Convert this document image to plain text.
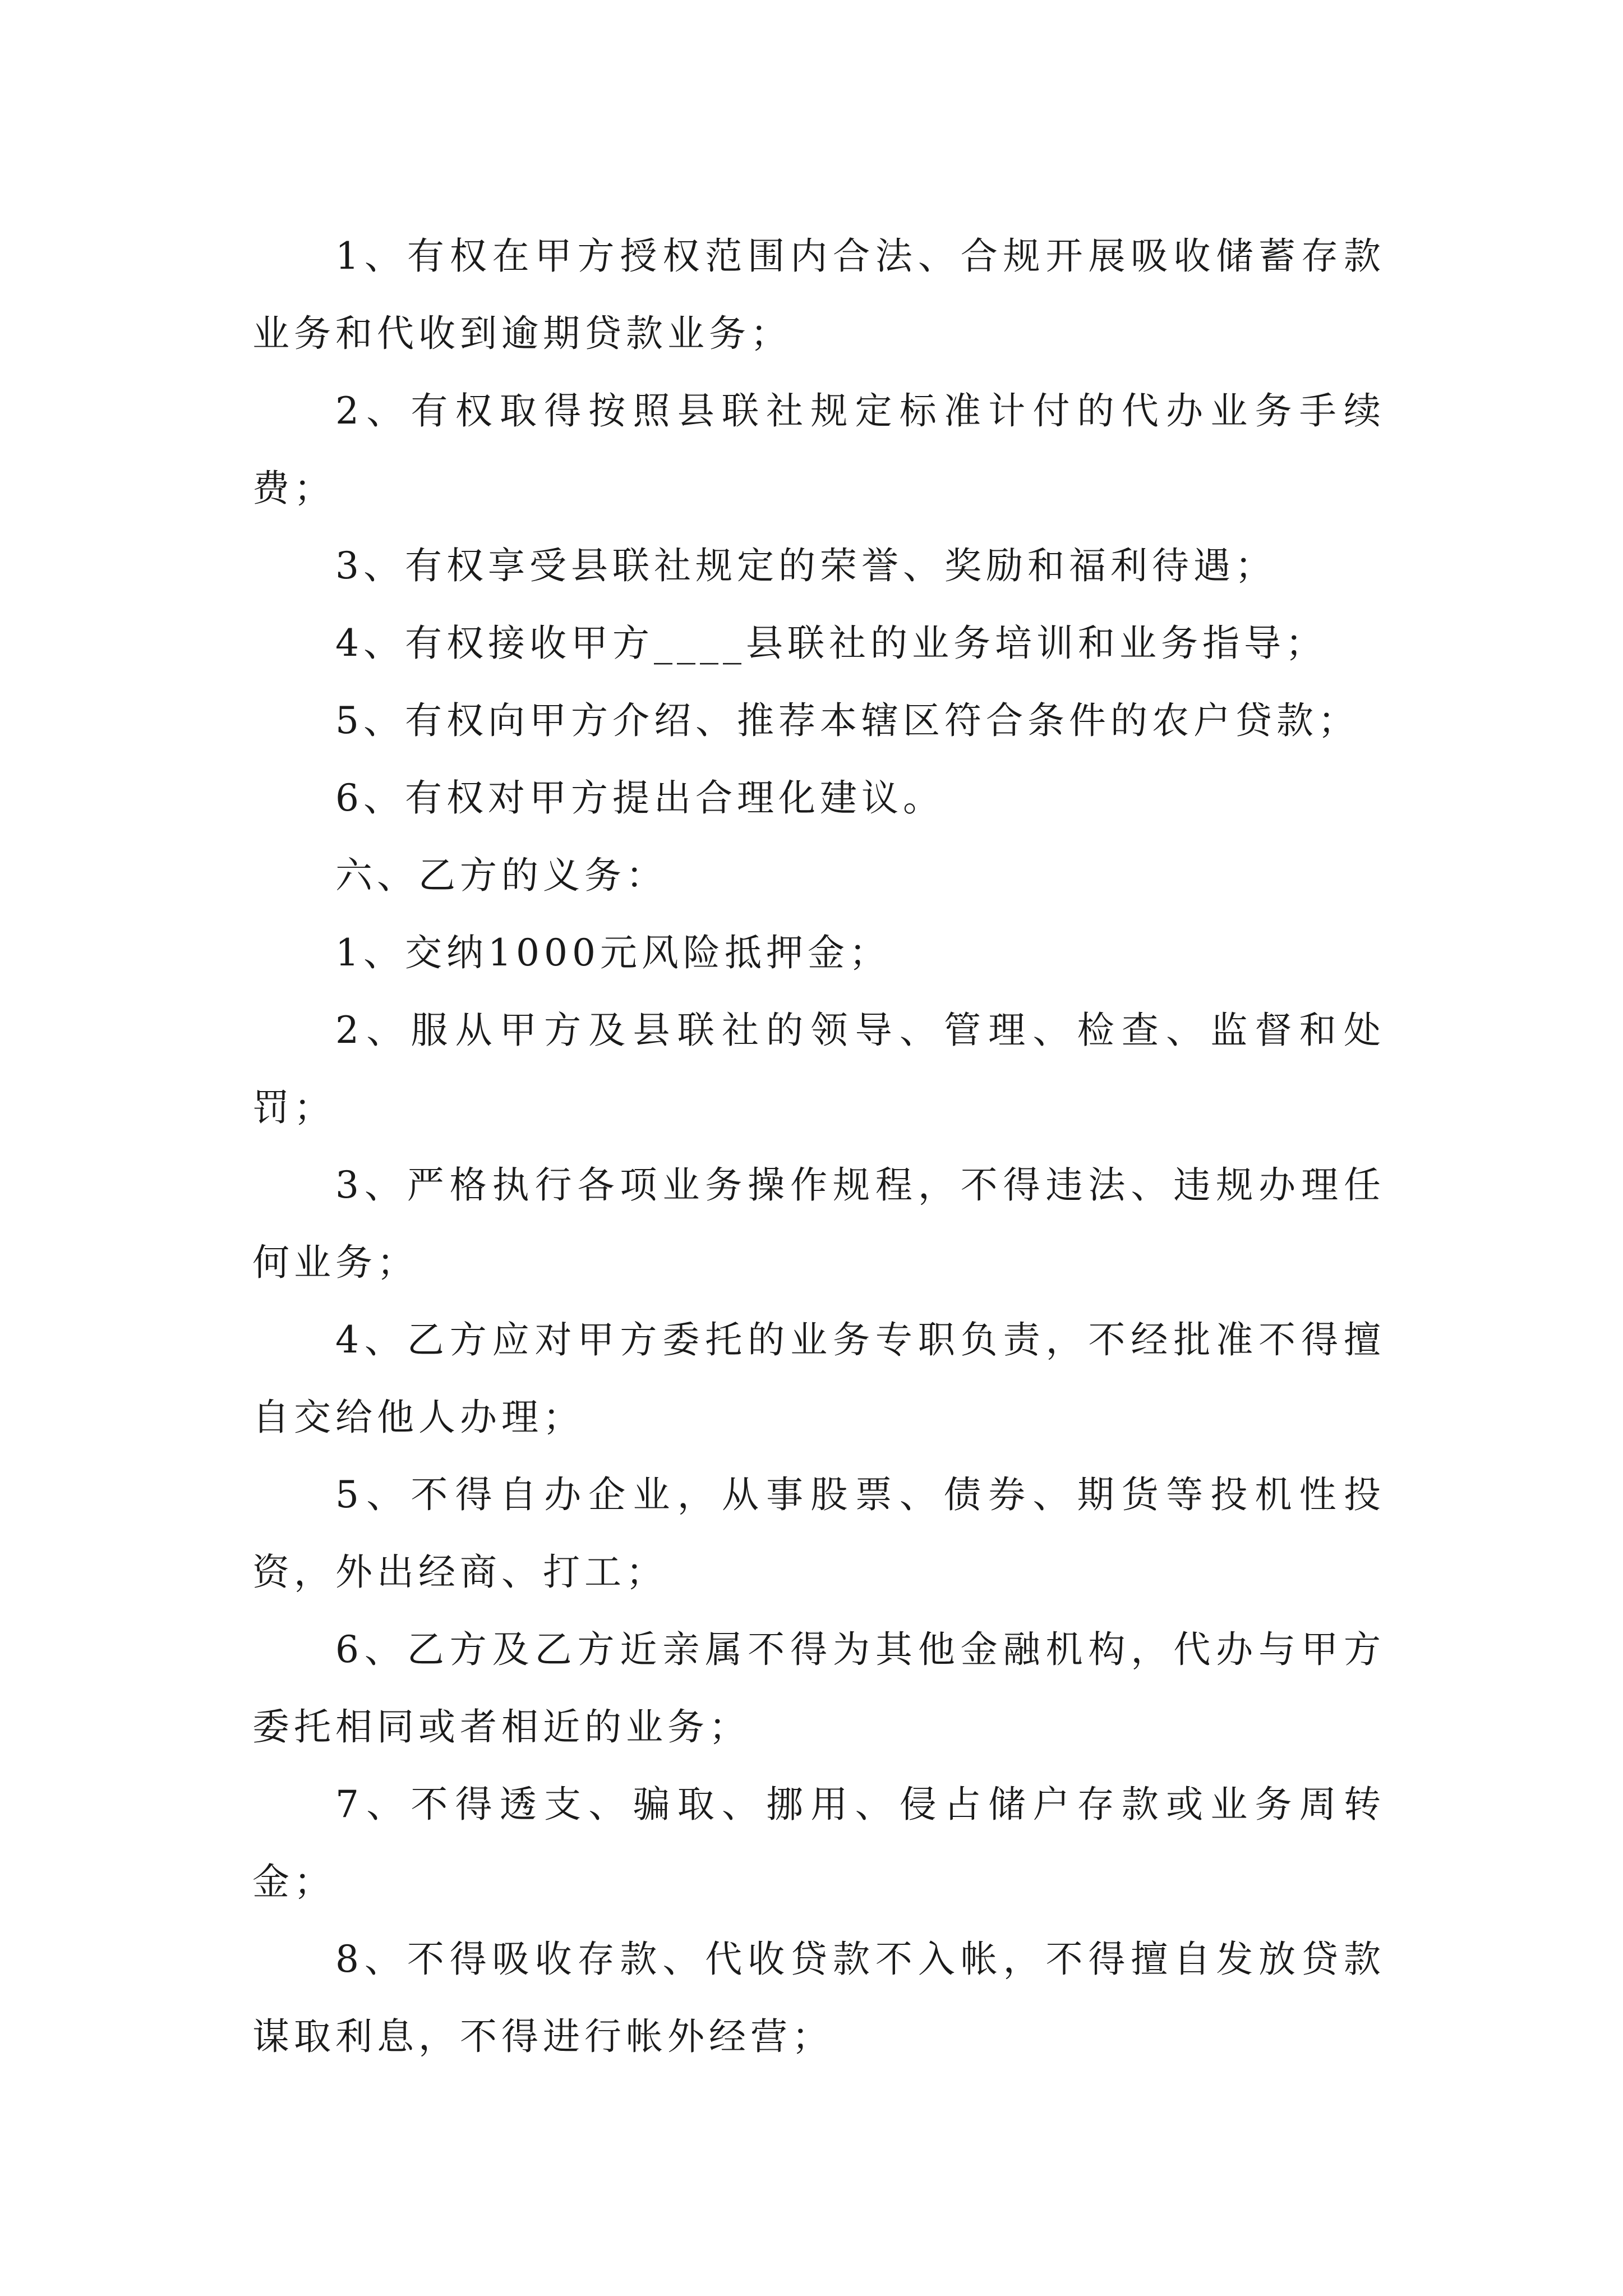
1、有权在甲方授权范围内合法、合规开展吸收储蓄存款业务和代收到逾期贷款业务；

2、有权取得按照县联社规定标准计付的代办业务手续费；

3、有权享受县联社规定的荣誉、奖励和福利待遇；

4、有权接收甲方____县联社的业务培训和业务指导；

5、有权向甲方介绍、推荐本辖区符合条件的农户贷款；

6、有权对甲方提出合理化建议。

六、乙方的义务：

1、交纳1000元风险抵押金；

2、服从甲方及县联社的领导、管理、检查、监督和处罚；

3、严格执行各项业务操作规程，不得违法、违规办理任何业务；

4、乙方应对甲方委托的业务专职负责，不经批准不得擅自交给他人办理；

5、不得自办企业，从事股票、债券、期货等投机性投资，外出经商、打工；

6、乙方及乙方近亲属不得为其他金融机构，代办与甲方委托相同或者相近的业务；

7、不得透支、骗取、挪用、侵占储户存款或业务周转金；

8、不得吸收存款、代收贷款不入帐，不得擅自发放贷款谋取利息，不得进行帐外经营；
